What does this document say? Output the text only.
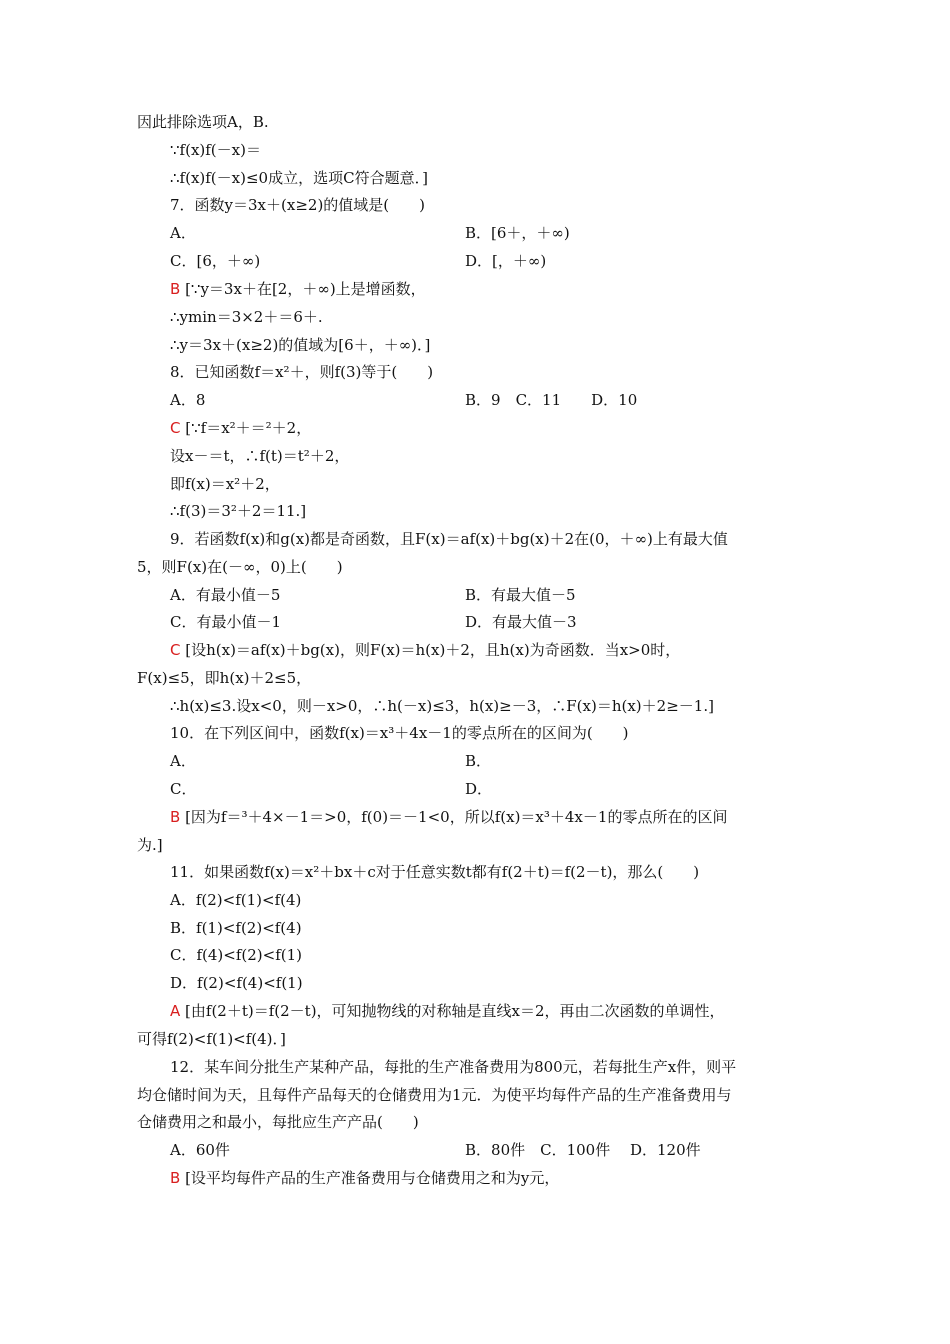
因此排除选项A，B.
∵f(x)f(－x)＝
∴f(x)f(－x)≤0成立，选项C符合题意．]
7．函数y＝3x＋(x≥2)的值域是(　　)
A．	B．[6＋，＋∞)
C．[6，＋∞)	D．[，＋∞)
B [∵y＝3x＋在[2，＋∞)上是增函数，
∴ymin＝3×2＋＝6＋.
∴y＝3x＋(x≥2)的值域为[6＋，＋∞)．]
8．已知函数f＝x²＋，则f(3)等于(　　)
A．8	B．9　C．11　　D．10
C [∵f＝x²＋＝²＋2，
设x－＝t，∴f(t)＝t²＋2，
即f(x)＝x²＋2，
∴f(3)＝3²＋2＝11.]
9．若函数f(x)和g(x)都是奇函数，且F(x)＝af(x)＋bg(x)＋2在(0，＋∞)上有最大值
5，则F(x)在(－∞，0)上(　　)
A．有最小值－5	B．有最大值－5
C．有最小值－1	D．有最大值－3
C [设h(x)＝af(x)＋bg(x)，则F(x)＝h(x)＋2，且h(x)为奇函数．当x>0时，
F(x)≤5，即h(x)＋2≤5，
∴h(x)≤3.设x<0，则－x>0，∴h(－x)≤3，h(x)≥－3，∴F(x)＝h(x)＋2≥－1.]
10．在下列区间中，函数f(x)＝x³＋4x－1的零点所在的区间为(　　)
A．	B．
C．	D．
B [因为f＝³＋4×－1＝>0，f(0)＝－1<0，所以f(x)＝x³＋4x－1的零点所在的区间
为.]
11．如果函数f(x)＝x²＋bx＋c对于任意实数t都有f(2＋t)＝f(2－t)，那么(　　)
A．f(2)<f(1)<f(4)
B．f(1)<f(2)<f(4)
C．f(4)<f(2)<f(1)
D．f(2)<f(4)<f(1)
A [由f(2＋t)＝f(2－t)，可知抛物线的对称轴是直线x＝2，再由二次函数的单调性，
可得f(2)<f(1)<f(4)．]
12．某车间分批生产某种产品，每批的生产准备费用为800元，若每批生产x件，则平
均仓储时间为天，且每件产品每天的仓储费用为1元．为使平均每件产品的生产准备费用与
仓储费用之和最小，每批应生产产品(　　)
A．60件	B．80件　C．100件　 D．120件
B [设平均每件产品的生产准备费用与仓储费用之和为y元，
